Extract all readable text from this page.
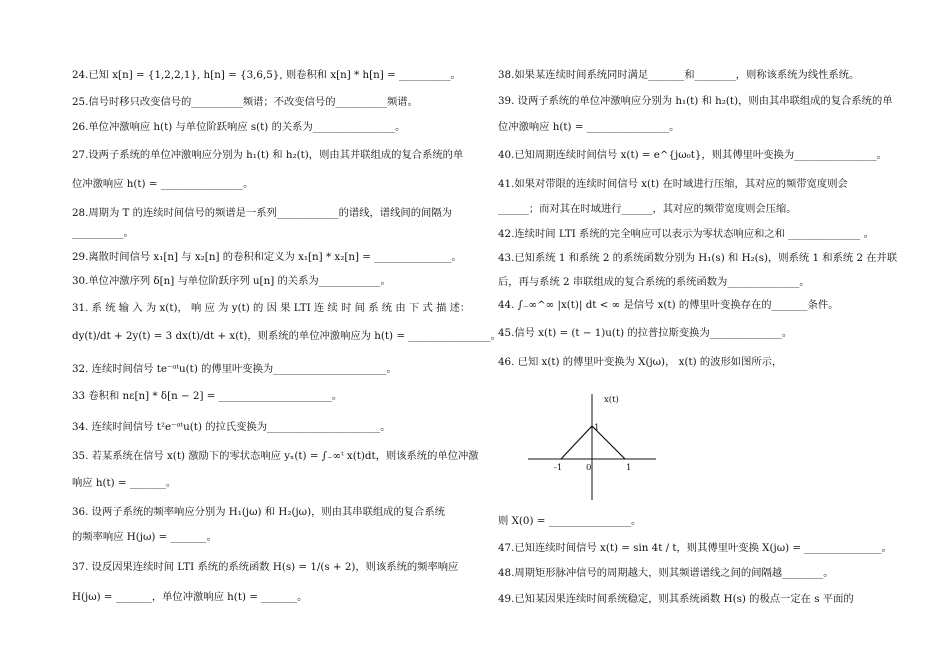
24.已知 x[n] = {1,2,2,1}, h[n] = {3,6,5}, 则卷积和 x[n] * h[n] = __________。
25.信号时移只改变信号的__________频谱；不改变信号的__________频谱。
26.单位冲激响应 h(t) 与单位阶跃响应 s(t) 的关系为________________。
27.设两子系统的单位冲激响应分别为 h₁(t) 和 h₂(t)，则由其并联组成的复合系统的单
位冲激响应 h(t) = ________________。
28.周期为 T 的连续时间信号的频谱是一系列____________的谱线，谱线间的间隔为
__________。
29.离散时间信号 x₁[n] 与 x₂[n] 的卷积和定义为 x₁[n] * x₂[n] = _______________。
30.单位冲激序列 δ[n] 与单位阶跃序列 u[n] 的关系为____________。
31. 系 统 输 入 为 x(t)， 响 应 为 y(t) 的 因 果 LTI 连 续 时 间 系 统 由 下 式 描 述：
dy(t)/dt + 2y(t) = 3 dx(t)/dt + x(t)，则系统的单位冲激响应为 h(t) = ________________。
32. 连续时间信号 te⁻ᵅᵗu(t) 的傅里叶变换为______________________。
33 卷积和 nε[n] * δ[n − 2] = ______________________。
34. 连续时间信号 t²e⁻ᵅᵗu(t) 的拉氏变换为______________________。
35. 若某系统在信号 x(t) 激励下的零状态响应 yₓ(t) = ∫₋∞ᵗ x(t)dt，则该系统的单位冲激
响应 h(t) = _______。
36. 设两子系统的频率响应分别为 H₁(jω) 和 H₂(jω)，则由其串联组成的复合系统
的频率响应 H(jω) = _______。
37. 设反因果连续时间 LTI 系统的系统函数 H(s) = 1/(s + 2)，则该系统的频率响应
H(jω) = _______，单位冲激响应 h(t) = _______。
38.如果某连续时间系统同时满足_______和________，则称该系统为线性系统。
39. 设两子系统的单位冲激响应分别为 h₁(t) 和 h₂(t)，则由其串联组成的复合系统的单
位冲激响应 h(t) = ________________。
40.已知周期连续时间信号 x(t) = e^{jω₀t}，则其傅里叶变换为________________。
41.如果对带限的连续时间信号 x(t) 在时域进行压缩，其对应的频带宽度则会
______；而对其在时域进行______，其对应的频带宽度则会压缩。
42.连续时间 LTI 系统的完全响应可以表示为零状态响应和之和 ______________ 。
43.已知系统 1 和系统 2 的系统函数分别为 H₁(s) 和 H₂(s)，则系统 1 和系统 2 在并联
后，再与系统 2 串联组成的复合系统的系统函数为______________。
44. ∫₋∞^∞ |x(t)| dt < ∞ 是信号 x(t) 的傅里叶变换存在的_______条件。
45.信号 x(t) = (t − 1)u(t) 的拉普拉斯变换为______________。
46. 已知 x(t) 的傅里叶变换为 X(jω)， x(t) 的波形如图所示，
则 X(0) = ________________。
47.已知连续时间信号 x(t) = sin 4t / t，则其傅里叶变换 X(jω) = _______________。
48.周期矩形脉冲信号的周期越大，则其频谱谱线之间的间隔越________。
49.已知某因果连续时间系统稳定，则其系统函数 H(s) 的极点一定在 s 平面的
x(t)
-1	0	1
1
